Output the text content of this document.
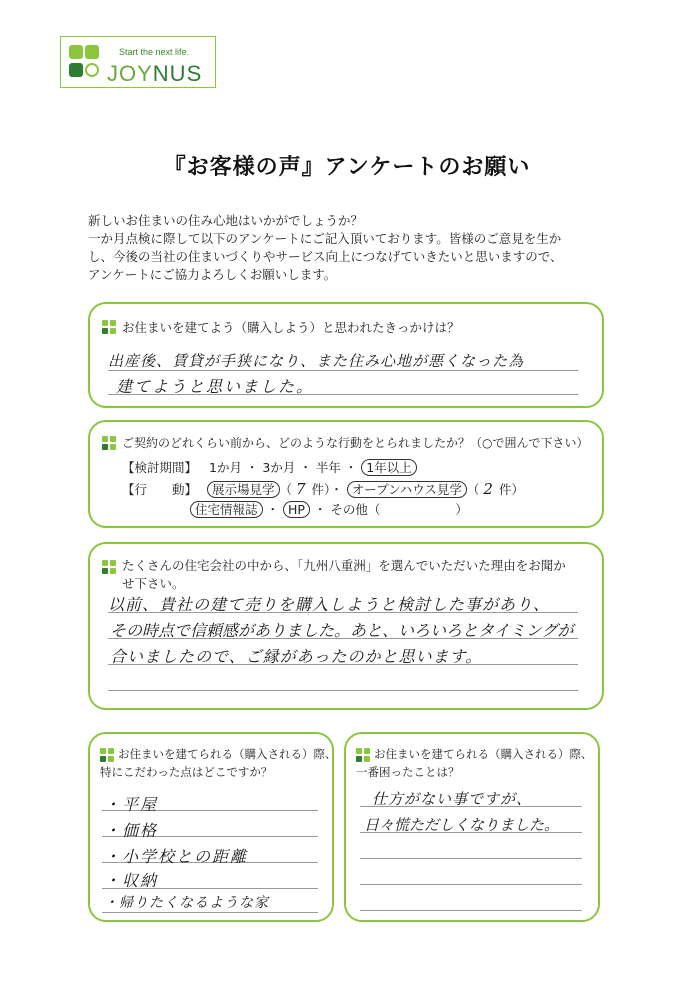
Start the next life.
JOYNUS
『お客様の声』アンケートのお願い
新しいお住まいの住み心地はいかがでしょうか？
一か月点検に際して以下のアンケートにご記入頂いております。皆様のご意見を生か
し、今後の当社の住まいづくりやサービス向上につなげていきたいと思いますので、
アンケートにご協力よろしくお願いします。
お住まいを建てよう（購入しよう）と思われたきっかけは？
出産後、賃貸が手狭になり、また住み心地が悪くなった為
建てようと思いました。
ご契約のどれくらい前から、どのような行動をとられましたか？（○で囲んで下さい）
【検討期間】 1か月 ・ 3か月 ・ 半年 ・ 1年以上
【行　　動】 展示場見学 （ 7 件）・ オープンハウス見学 （ 2 件）
住宅情報誌 ・ HP ・ その他（　　　　　　）
たくさんの住宅会社の中から、「九州八重洲」を選んでいただいた理由をお聞か
せ下さい。
以前、貴社の建て売りを購入しようと検討した事があり、
その時点で信頼感がありました。あと、いろいろとタイミングが
合いましたので、ご縁があったのかと思います。
お住まいを建てられる（購入される）際、
特にこだわった点はどこですか？
・平屋
・価格
・小学校との距離
・収納
・帰りたくなるような家
お住まいを建てられる（購入される）際、
一番困ったことは？
仕方がない事ですが、
日々慌ただしくなりました。
